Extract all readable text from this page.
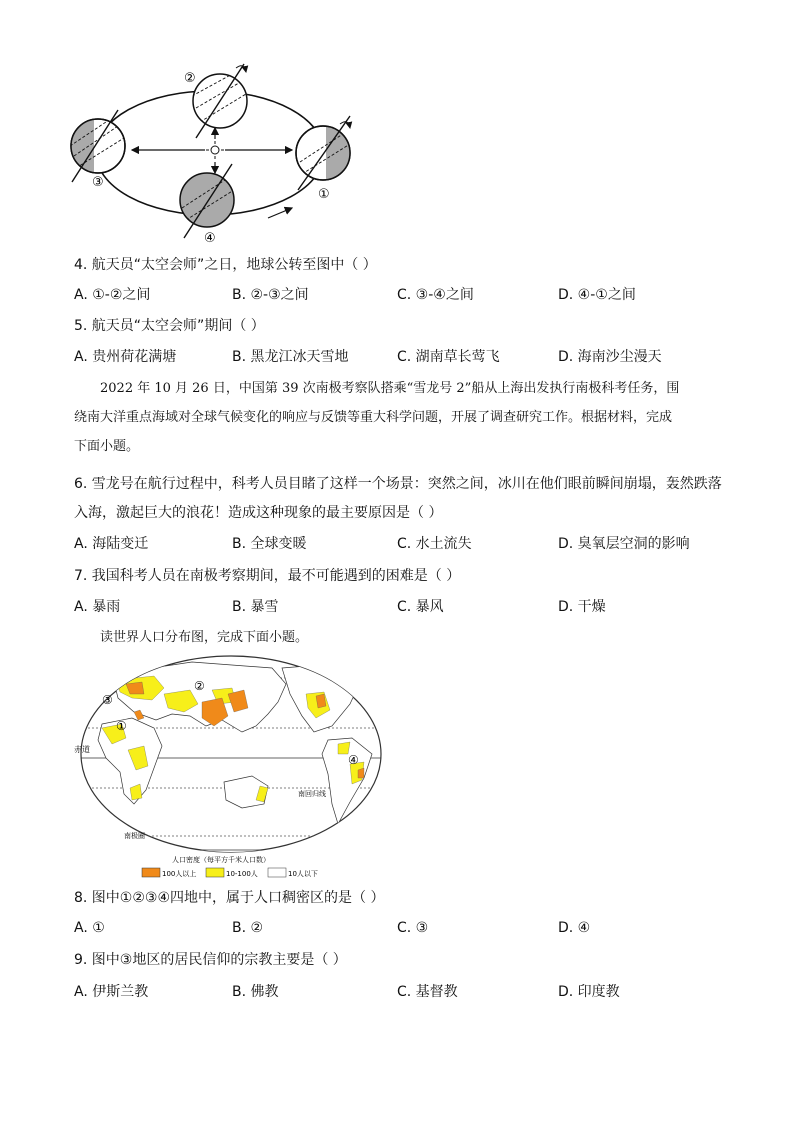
③
②
①
④
4. 航天员“太空会师”之日，地球公转至图中（ ）
A. ①-②之间	B. ②-③之间	C. ③-④之间	D. ④-①之间
5. 航天员“太空会师”期间（ ）
A. 贵州荷花满塘	B. 黑龙江冰天雪地	C. 湖南草长莺飞	D. 海南沙尘漫天
2022 年 10 月 26 日，中国第 39 次南极考察队搭乘“雪龙号 2”船从上海出发执行南极科考任务，围
绕南大洋重点海域对全球气候变化的响应与反馈等重大科学问题，开展了调查研究工作。根据材料，完成
下面小题。
6. 雪龙号在航行过程中，科考人员目睹了这样一个场景：突然之间，冰川在他们眼前瞬间崩塌，轰然跌落
入海，激起巨大的浪花！造成这种现象的最主要原因是（ ）
A. 海陆变迁	B. 全球变暖	C. 水土流失	D. 臭氧层空洞的影响
7. 我国科考人员在南极考察期间，最不可能遇到的困难是（ ）
A. 暴雨	B. 暴雪	C. 暴风	D. 干燥
读世界人口分布图，完成下面小题。
赤道
南回归线
南极圈
①
②
③
④
人口密度（每平方千米人口数）
100人以上	10-100人	10人以下
8. 图中①②③④四地中，属于人口稠密区的是（ ）
A. ①	B. ②	C. ③	D. ④
9. 图中③地区的居民信仰的宗教主要是（ ）
A. 伊斯兰教	B. 佛教	C. 基督教	D. 印度教
